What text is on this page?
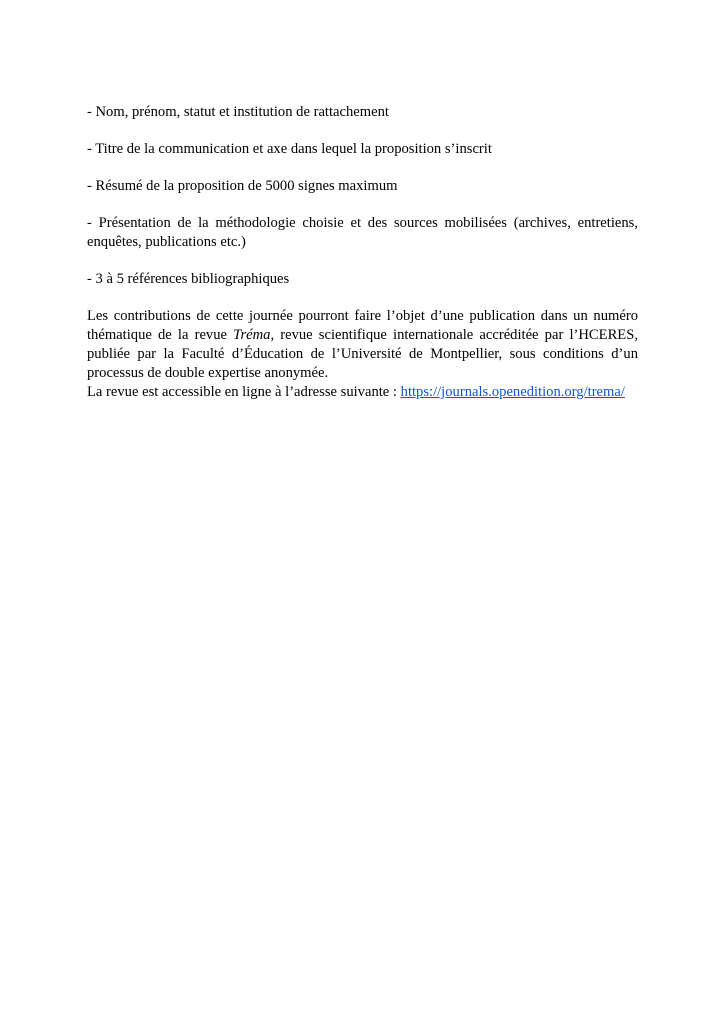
- Nom, prénom, statut et institution de rattachement

- Titre de la communication et axe dans lequel la proposition s’inscrit

- Résumé de la proposition de 5000 signes maximum

- Présentation de la méthodologie choisie et des sources mobilisées (archives, entretiens, enquêtes, publications etc.)

- 3 à 5 références bibliographiques

Les contributions de cette journée pourront faire l’objet d’une publication dans un numéro thématique de la revue Tréma, revue scientifique internationale accréditée par l’HCERES, publiée par la Faculté d’Éducation de l’Université de Montpellier, sous conditions d’un processus de double expertise anonymée.

La revue est accessible en ligne à l’adresse suivante : https://journals.openedition.org/trema/
